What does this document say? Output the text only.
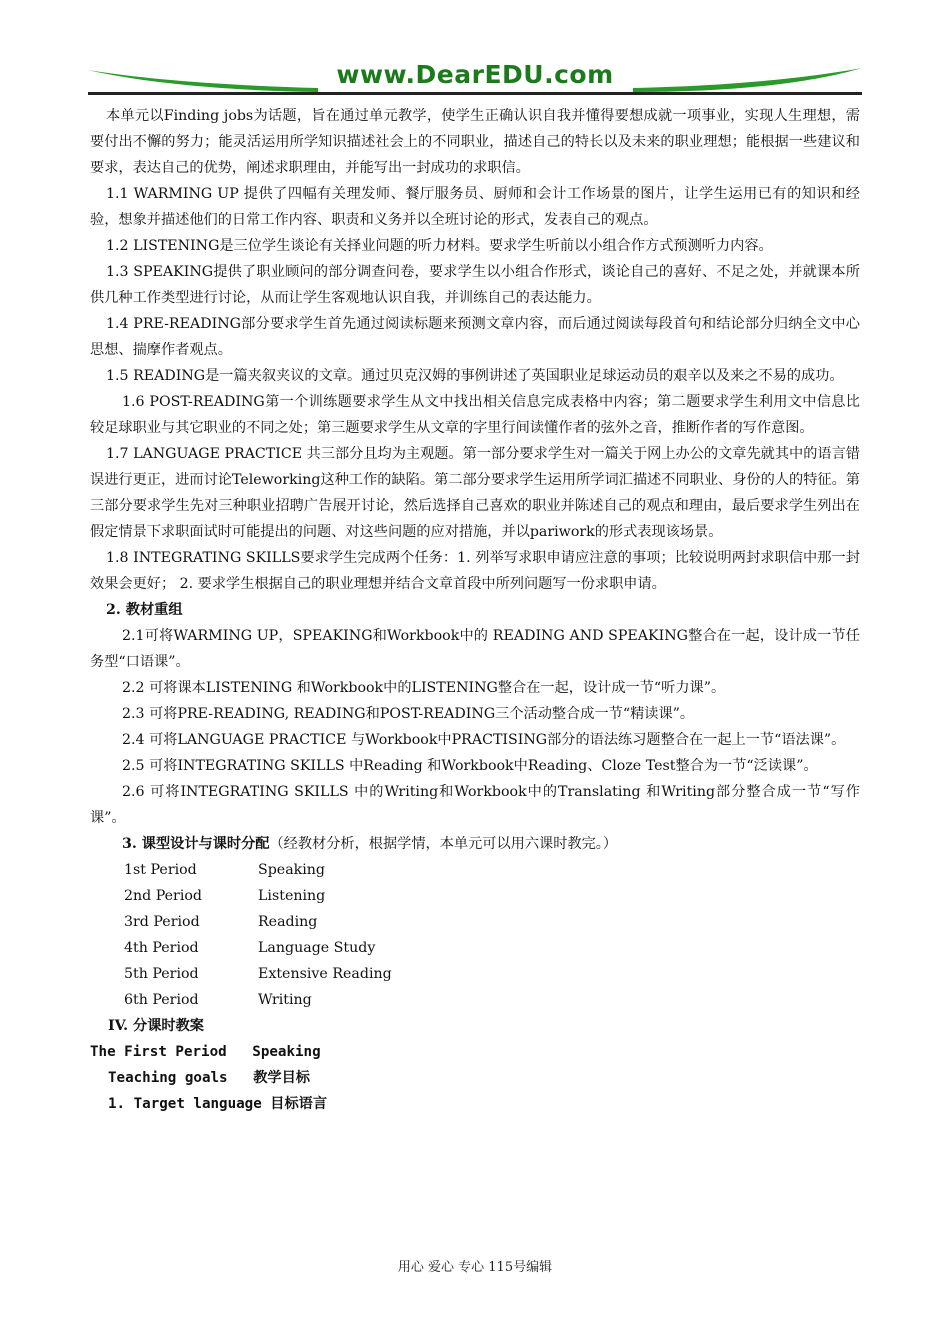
www.DearEDU.com

本单元以Finding jobs为话题，旨在通过单元教学，使学生正确认识自我并懂得要想成就一项事业，实现人生理想，需要付出不懈的努力；能灵活运用所学知识描述社会上的不同职业，描述自己的特长以及未来的职业理想；能根据一些建议和要求，表达自己的优势，阐述求职理由，并能写出一封成功的求职信。

1.1 WARMING UP 提供了四幅有关理发师、餐厅服务员、厨师和会计工作场景的图片，让学生运用已有的知识和经验，想象并描述他们的日常工作内容、职责和义务并以全班讨论的形式，发表自己的观点。

1.2 LISTENING是三位学生谈论有关择业问题的听力材料。要求学生听前以小组合作方式预测听力内容。

1.3 SPEAKING提供了职业顾问的部分调查问卷，要求学生以小组合作形式，谈论自己的喜好、不足之处，并就课本所供几种工作类型进行讨论，从而让学生客观地认识自我，并训练自己的表达能力。

1.4 PRE-READING部分要求学生首先通过阅读标题来预测文章内容，而后通过阅读每段首句和结论部分归纳全文中心思想、揣摩作者观点。

1.5 READING是一篇夹叙夹议的文章。通过贝克汉姆的事例讲述了英国职业足球运动员的艰辛以及来之不易的成功。

1.6 POST-READING第一个训练题要求学生从文中找出相关信息完成表格中内容；第二题要求学生利用文中信息比较足球职业与其它职业的不同之处；第三题要求学生从文章的字里行间读懂作者的弦外之音，推断作者的写作意图。

1.7 LANGUAGE PRACTICE 共三部分且均为主观题。第一部分要求学生对一篇关于网上办公的文章先就其中的语言错误进行更正，进而讨论Teleworking这种工作的缺陷。第二部分要求学生运用所学词汇描述不同职业、身份的人的特征。第三部分要求学生先对三种职业招聘广告展开讨论，然后选择自己喜欢的职业并陈述自己的观点和理由，最后要求学生列出在假定情景下求职面试时可能提出的问题、对这些问题的应对措施，并以pariwork的形式表现该场景。

1.8 INTEGRATING SKILLS要求学生完成两个任务：1. 列举写求职申请应注意的事项；比较说明两封求职信中那一封效果会更好； 2. 要求学生根据自己的职业理想并结合文章首段中所列问题写一份求职申请。

2. 教材重组

2.1可将WARMING UP，SPEAKING和Workbook中的 READING AND SPEAKING整合在一起，设计成一节任务型“口语课”。

2.2 可将课本LISTENING 和Workbook中的LISTENING整合在一起，设计成一节“听力课”。

2.3 可将PRE-READING, READING和POST-READING三个活动整合成一节“精读课”。

2.4 可将LANGUAGE PRACTICE 与Workbook中PRACTISING部分的语法练习题整合在一起上一节“语法课”。

2.5 可将INTEGRATING SKILLS 中Reading 和Workbook中Reading、Cloze Test整合为一节“泛读课”。

2.6 可将INTEGRATING SKILLS 中的Writing和Workbook中的Translating 和Writing部分整合成一节“写作课”。

3. 课型设计与课时分配（经教材分析，根据学情，本单元可以用六课时教完。）

1st Period	Speaking
2nd Period	Listening
3rd Period	Reading
4th Period	Language Study
5th Period	Extensive Reading
6th Period	Writing

IV. 分课时教案

The First Period   Speaking

Teaching goals   教学目标

1. Target language 目标语言

用心 爱心 专心 115号编辑
